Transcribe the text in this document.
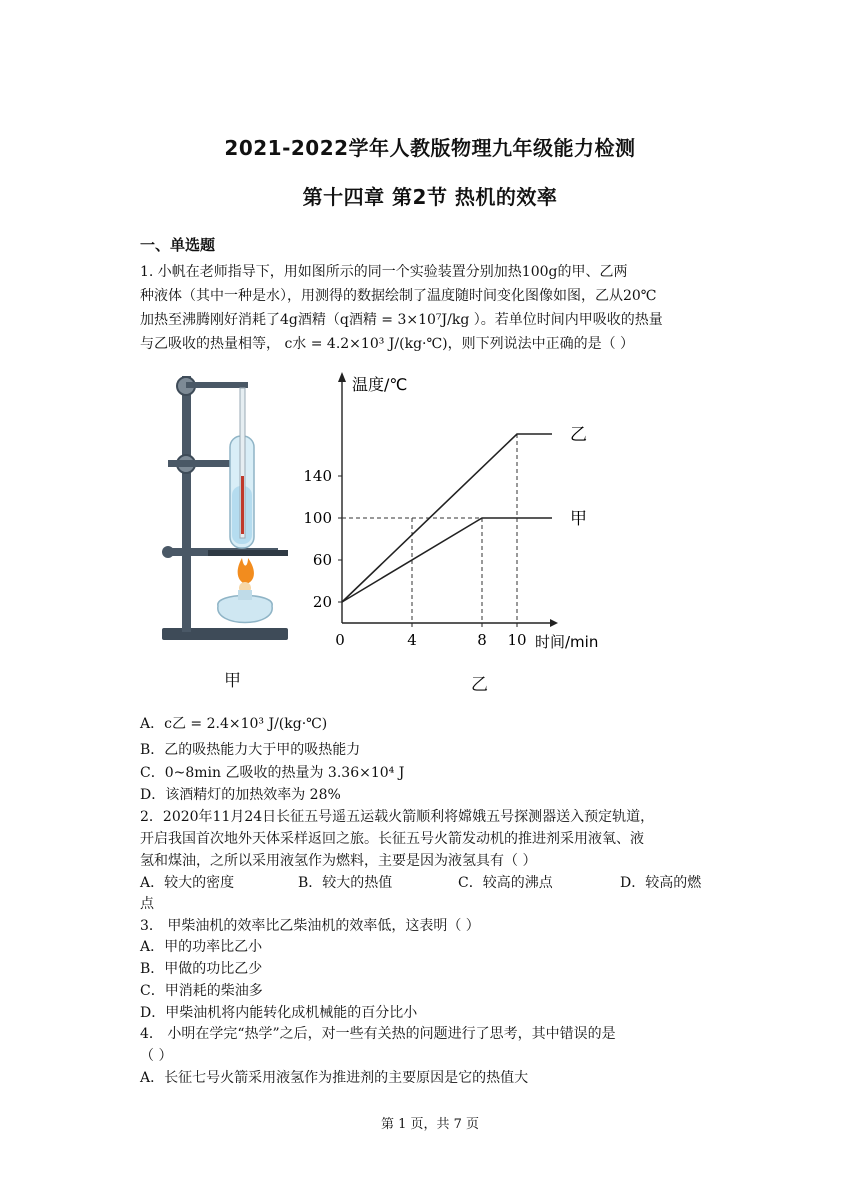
2021-2022学年人教版物理九年级能力检测
第十四章 第2节 热机的效率
一、单选题
1. 小帆在老师指导下，用如图所示的同一个实验装置分别加热100g的甲、乙两
种液体（其中一种是水），用测得的数据绘制了温度随时间变化图像如图，乙从20℃
加热至沸腾刚好消耗了4g酒精（q酒精 = 3×10⁷J/kg ）。若单位时间内甲吸收的热量
与乙吸收的热量相等， c水 = 4.2×10³ J/(kg·℃)，则下列说法中正确的是（ ）
甲
温度/℃
时间/min
20
60
100
140
0	4	8 10
乙
甲
乙
A．c乙 = 2.4×10³ J/(kg·℃)
B．乙的吸热能力大于甲的吸热能力
C．0~8min 乙吸收的热量为 3.36×10⁴ J
D．该酒精灯的加热效率为 28%
2．2020年11月24日长征五号遥五运载火箭顺利将嫦娥五号探测器送入预定轨道，
开启我国首次地外天体采样返回之旅。长征五号火箭发动机的推进剂采用液氧、液
氢和煤油，之所以采用液氢作为燃料，主要是因为液氢具有（ ）
A．较大的密度	B．较大的热值	C．较高的沸点	D．较高的燃
点
3． 甲柴油机的效率比乙柴油机的效率低，这表明（ ）
A．甲的功率比乙小
B．甲做的功比乙少
C．甲消耗的柴油多
D．甲柴油机将内能转化成机械能的百分比小
4． 小明在学完“热学”之后，对一些有关热的问题进行了思考，其中错误的是
（ ）
A．长征七号火箭采用液氢作为推进剂的主要原因是它的热值大
第 1 页，共 7 页
